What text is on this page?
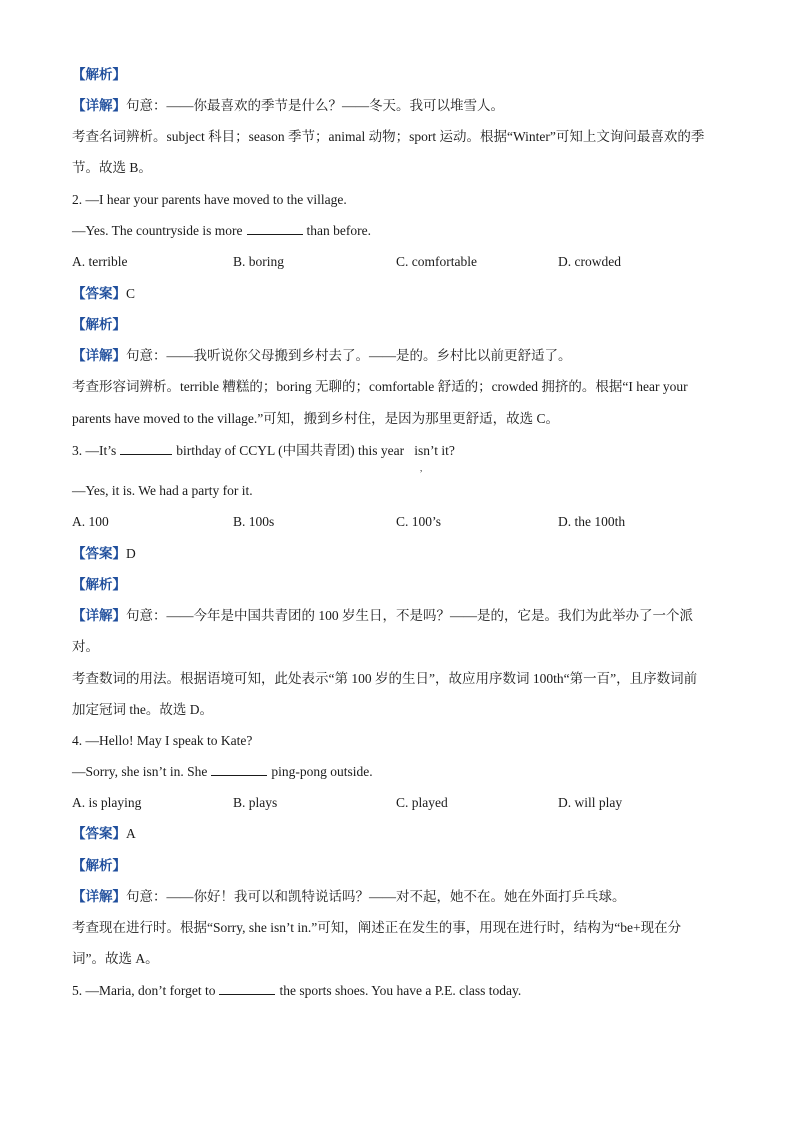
【解析】
【详解】句意：——你最喜欢的季节是什么？——冬天。我可以堆雪人。
考查名词辨析。subject 科目；season 季节；animal 动物；sport 运动。根据“Winter”可知上文询问最喜欢的季
节。故选 B。
2. —I hear your parents have moved to the village.
—Yes. The countryside is more	than before.
A. terrible	B. boring	C. comfortable	D. crowded
【答案】C
【解析】
【详解】句意：——我听说你父母搬到乡村去了。——是的。乡村比以前更舒适了。
考查形容词辨析。terrible 糟糕的；boring 无聊的；comfortable 舒适的；crowded 拥挤的。根据“I hear your
parents have moved to the village.”可知，搬到乡村住，是因为那里更舒适，故选 C。
3. —It’s	birthday of CCYL (中国共青团) this year isn’t it?
,
—Yes, it is. We had a party for it.
A. 100	B. 100s	C. 100’s	D. the 100th
【答案】D
【解析】
【详解】句意：——今年是中国共青团的 100 岁生日，不是吗？——是的，它是。我们为此举办了一个派
对。
考查数词的用法。根据语境可知，此处表示“第 100 岁的生日”，故应用序数词 100th“第一百”，且序数词前
加定冠词 the。故选 D。
4. —Hello! May I speak to Kate?
—Sorry, she isn’t in. She	ping-pong outside.
A. is playing	B. plays	C. played	D. will play
【答案】A
【解析】
【详解】句意：——你好！我可以和凯特说话吗？——对不起，她不在。她在外面打乒乓球。
考查现在进行时。根据“Sorry, she isn’t in.”可知，阐述正在发生的事，用现在进行时，结构为“be+现在分
词”。故选 A。
5. —Maria, don’t forget to	the sports shoes. You have a P.E. class today.
